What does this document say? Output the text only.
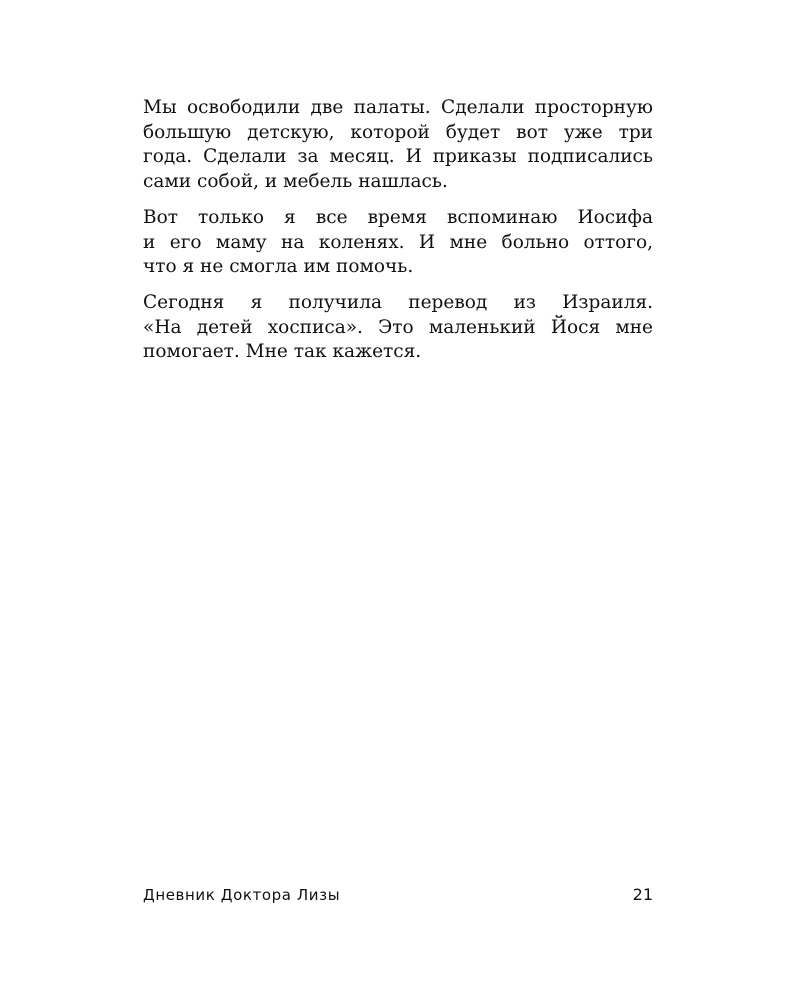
Мы освободили две палаты. Сделали просторную
большую детскую, которой будет вот уже три
года. Сделали за месяц. И приказы подписались
сами собой, и мебель нашлась.

Вот только я все время вспоминаю Иосифа
и его маму на коленях. И мне больно оттого,
что я не смогла им помочь.

Сегодня я получила перевод из Израиля.
«На детей хосписа». Это маленький Йося мне
помогает. Мне так кажется.

Дневник Доктора Лизы	21
